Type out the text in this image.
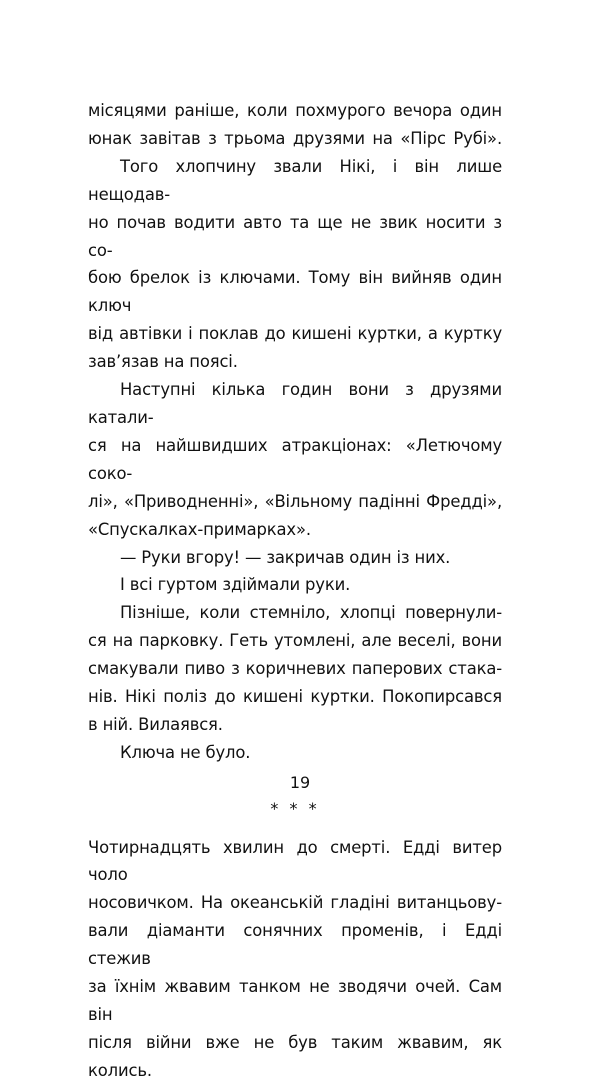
місяцями раніше, коли похмурого вечора один
юнак завітав з трьома друзями на «Пірс Рубі».
Того хлопчину звали Нікі, і він лише нещодав-
но почав водити авто та ще не звик носити з со-
бою брелок із ключами. Тому він вийняв один ключ
від автівки і поклав до кишені куртки, а куртку
зав’язав на поясі.
Наступні кілька годин вони з друзями катали-
ся на найшвидших атракціонах: «Летючому соко-
лі», «Приводненні», «Вільному падінні Фредді»,
«Спускалках-примарках».
— Руки вгору! — закричав один із них.
І всі гуртом здіймали руки.
Пізніше, коли стемніло, хлопці повернули-
ся на парковку. Геть утомлені, але веселі, вони
смакували пиво з коричневих паперових стака-
нів. Нікі поліз до кишені куртки. Покопирсався
в ній. Вилаявся.
Ключа не було.
* * *
Чотирнадцять хвилин до смерті. Едді витер чоло
носовичком. На океанській гладіні витанцьову-
вали діаманти сонячних променів, і Едді стежив
за їхнім жвавим танком не зводячи очей. Сам він
після війни вже не був таким жвавим, як колись.
19
